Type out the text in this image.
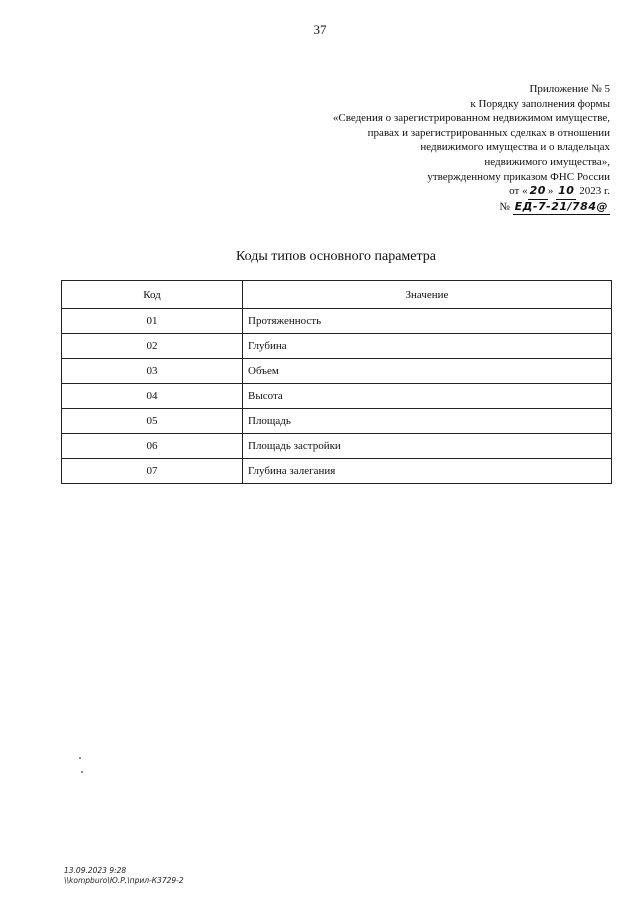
37
Приложение № 5
к Порядку заполнения формы
«Сведения о зарегистрированном недвижимом имуществе,
правах и зарегистрированных сделках в отношении
недвижимого имущества и о владельцах
недвижимого имущества»,
утвержденному приказом ФНС России
от « 20 » 10 2023 г.
№ ЕД-7-21/784@
Коды типов основного параметра
Код	Значение
01	Протяженность
02	Глубина
03	Объем
04	Высота
05	Площадь
06	Площадь застройки
07	Глубина залегания
13.09.2023 9:28
\\kompburo\Ю.Р.\прил-К3729-2
